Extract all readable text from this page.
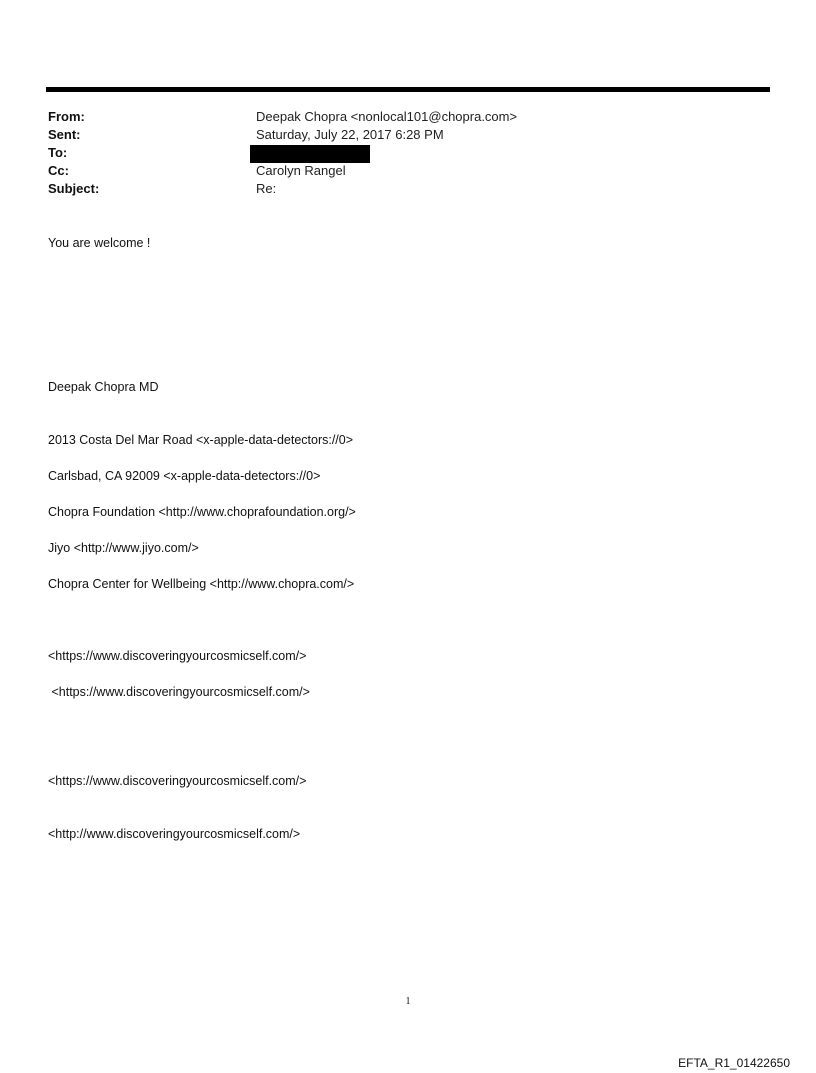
From:
Sent:
To:
Cc:
Subject:
Deepak Chopra <nonlocal101@chopra.com>
Saturday, July 22, 2017 6:28 PM
Carolyn Rangel
Re:
You are welcome !
Deepak Chopra MD
2013 Costa Del Mar Road <x-apple-data-detectors://0>
Carlsbad, CA 92009 <x-apple-data-detectors://0>
Chopra Foundation <http://www.choprafoundation.org/>
Jiyo <http://www.jiyo.com/>
Chopra Center for Wellbeing <http://www.chopra.com/>
<https://www.discoveringyourcosmicself.com/>
<https://www.discoveringyourcosmicself.com/>
<https://www.discoveringyourcosmicself.com/>
<http://www.discoveringyourcosmicself.com/>
1
EFTA_R1_01422650
